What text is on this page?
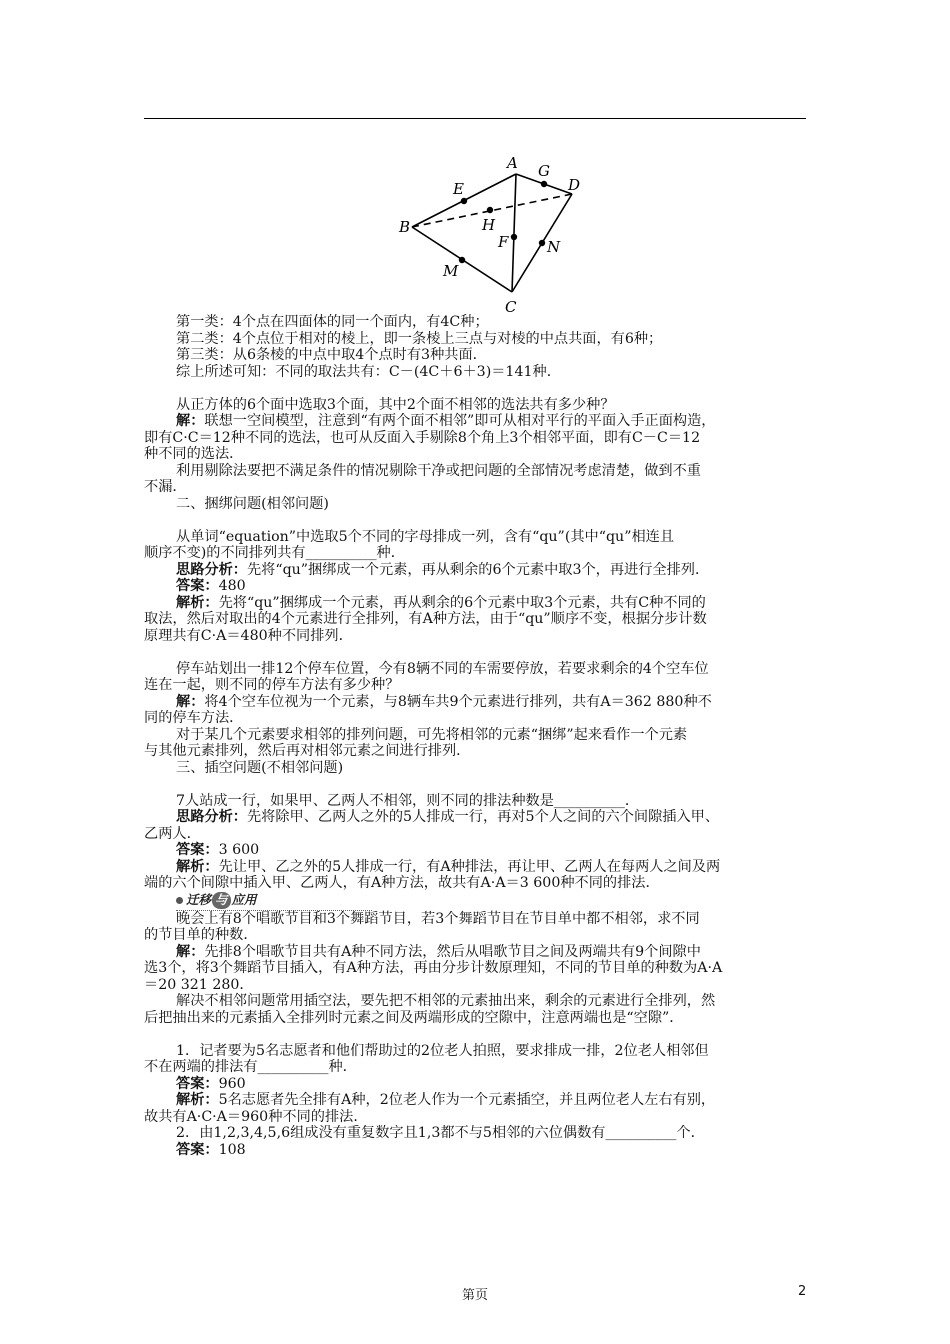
A G
E	D
B	H
F	N
M
C

第一类：4个点在四面体的同一个面内，有4C种；

第二类：4个点位于相对的棱上，即一条棱上三点与对棱的中点共面，有6种；

第三类：从6条棱的中点中取4个点时有3种共面．

综上所述可知：不同的取法共有：C－(4C＋6＋3)＝141种．

从正方体的6个面中选取3个面，其中2个面不相邻的选法共有多少种？

解：联想一空间模型，注意到“有两个面不相邻”即可从相对平行的平面入手正面构造，

即有C·C＝12种不同的选法，也可从反面入手剔除8个角上3个相邻平面，即有C－C＝12

种不同的选法．

利用剔除法要把不满足条件的情况剔除干净或把问题的全部情况考虑清楚，做到不重

不漏．

二、捆绑问题(相邻问题)

从单词“equation”中选取5个不同的字母排成一列，含有“qu”(其中“qu”相连且

顺序不变)的不同排列共有__________种．

思路分析：先将“qu”捆绑成一个元素，再从剩余的6个元素中取3个，再进行全排列．

答案：480

解析：先将“qu”捆绑成一个元素，再从剩余的6个元素中取3个元素，共有C种不同的

取法，然后对取出的4个元素进行全排列，有A种方法，由于“qu”顺序不变，根据分步计数

原理共有C·A＝480种不同排列．

停车站划出一排12个停车位置，今有8辆不同的车需要停放，若要求剩余的4个空车位

连在一起，则不同的停车方法有多少种？

解：将4个空车位视为一个元素，与8辆车共9个元素进行排列，共有A＝362 880种不

同的停车方法．

对于某几个元素要求相邻的排列问题，可先将相邻的元素“捆绑”起来看作一个元素

与其他元素排列，然后再对相邻元素之间进行排列．

三、插空问题(不相邻问题)

7人站成一行，如果甲、乙两人不相邻，则不同的排法种数是__________．

思路分析：先将除甲、乙两人之外的5人排成一行，再对5个人之间的六个间隙插入甲、

乙两人．

答案：3 600

解析：先让甲、乙之外的5人排成一行，有A种排法，再让甲、乙两人在每两人之间及两

端的六个间隙中插入甲、乙两人，有A种方法，故共有A·A＝3 600种不同的排法．

迁移 与 应用

晚会上有8个唱歌节目和3个舞蹈节目，若3个舞蹈节目在节目单中都不相邻，求不同

的节目单的种数．

解：先排8个唱歌节目共有A种不同方法，然后从唱歌节目之间及两端共有9个间隙中

选3个，将3个舞蹈节目插入，有A种方法，再由分步计数原理知，不同的节目单的种数为A·A

＝20 321 280．

解决不相邻问题常用插空法，要先把不相邻的元素抽出来，剩余的元素进行全排列，然

后把抽出来的元素插入全排列时元素之间及两端形成的空隙中，注意两端也是“空隙”．

1．记者要为5名志愿者和他们帮助过的2位老人拍照，要求排成一排，2位老人相邻但

不在两端的排法有__________种．

答案：960

解析：5名志愿者先全排有A种，2位老人作为一个元素插空，并且两位老人左右有别，

故共有A·C·A＝960种不同的排法．

2．由1,2,3,4,5,6组成没有重复数字且1,3都不与5相邻的六位偶数有__________个．

答案：108

第页	2
